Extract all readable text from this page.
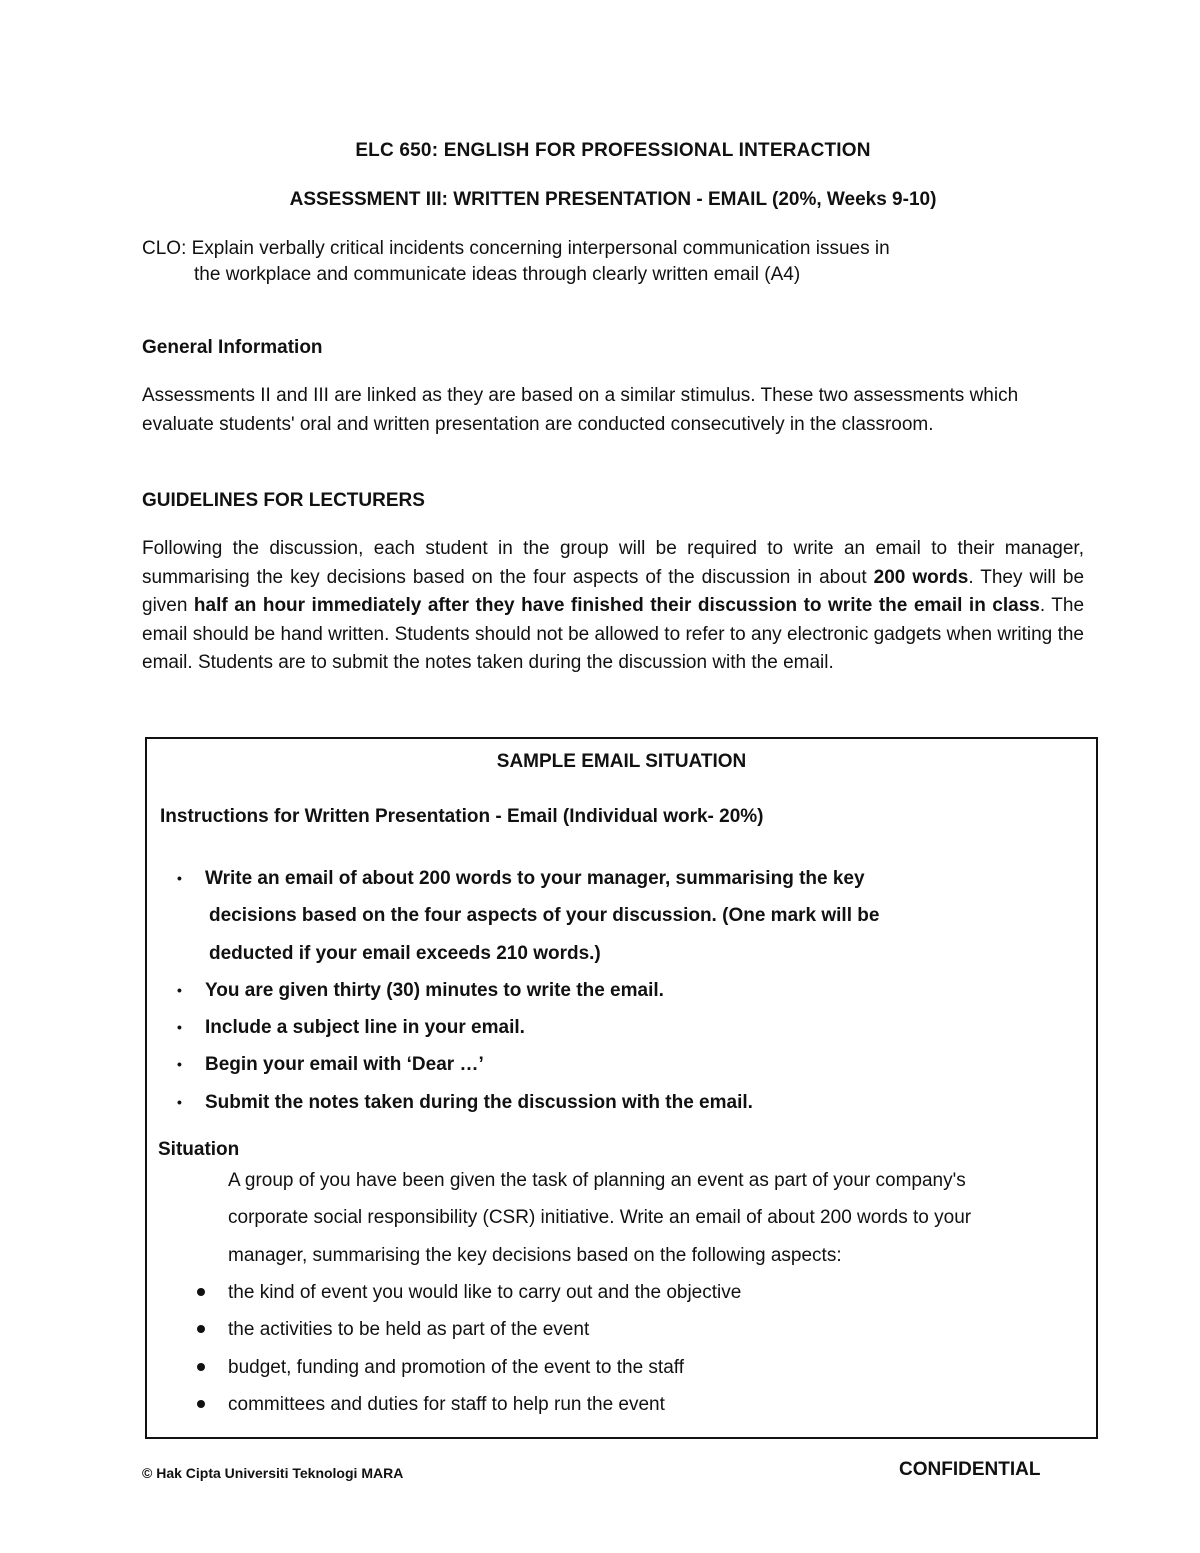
ELC 650: ENGLISH FOR PROFESSIONAL INTERACTION
ASSESSMENT III: WRITTEN PRESENTATION - EMAIL (20%, Weeks 9-10)
CLO: Explain verbally critical incidents concerning interpersonal communication issues in
the workplace and communicate ideas through clearly written email (A4)
General Information
Assessments II and III are linked as they are based on a similar stimulus. These two assessments which evaluate students' oral and written presentation are conducted consecutively in the classroom.
GUIDELINES FOR LECTURERS
Following the discussion, each student in the group will be required to write an email to their manager, summarising the key decisions based on the four aspects of the discussion in about 200 words. They will be given half an hour immediately after they have finished their discussion to write the email in class. The email should be hand written. Students should not be allowed to refer to any electronic gadgets when writing the email. Students are to submit the notes taken during the discussion with the email.
SAMPLE EMAIL SITUATION
Instructions for Written Presentation - Email (Individual work- 20%)
• Write an email of about 200 words to your manager, summarising the key
decisions based on the four aspects of your discussion. (One mark will be
deducted if your email exceeds 210 words.)
• You are given thirty (30) minutes to write the email.
• Include a subject line in your email.
• Begin your email with ‘Dear …’
• Submit the notes taken during the discussion with the email.
Situation
A group of you have been given the task of planning an event as part of your company's
corporate social responsibility (CSR) initiative. Write an email of about 200 words to your
manager, summarising the key decisions based on the following aspects:
the kind of event you would like to carry out and the objective
the activities to be held as part of the event
budget, funding and promotion of the event to the staff
committees and duties for staff to help run the event
© Hak Cipta Universiti Teknologi MARA	CONFIDENTIAL
